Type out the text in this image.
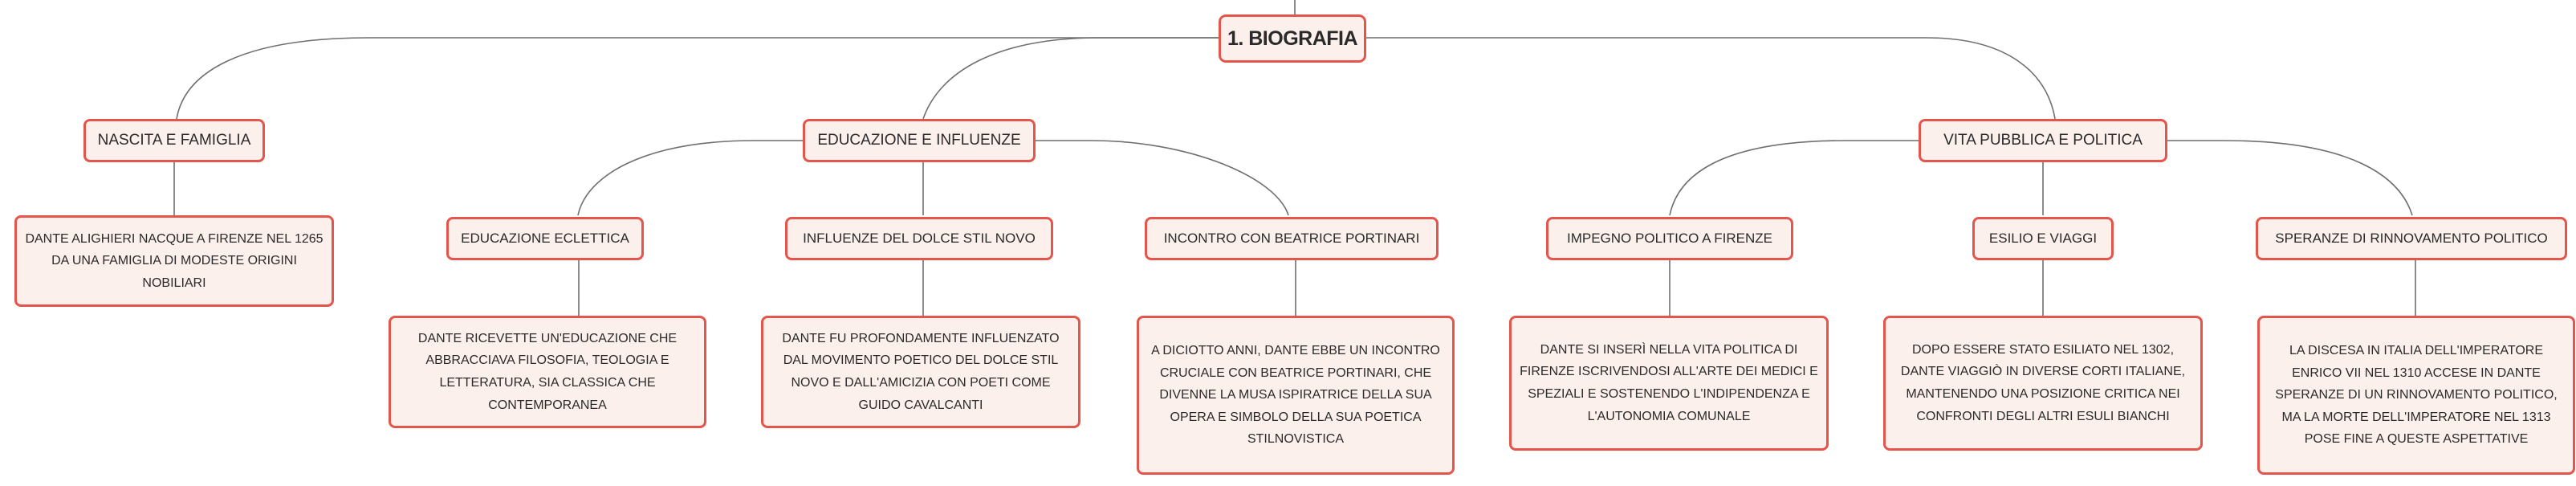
1. BIOGRAFIA
NASCITA E FAMIGLIA	EDUCAZIONE E INFLUENZE	VITA PUBBLICA E POLITICA
EDUCAZIONE ECLETTICA	INFLUENZE DEL DOLCE STIL NOVO	INCONTRO CON BEATRICE PORTINARI	IMPEGNO POLITICO A FIRENZE	ESILIO E VIAGGI	SPERANZE DI RINNOVAMENTO POLITICO
DANTE ALIGHIERI NACQUE A FIRENZE NEL 1265 DA UNA FAMIGLIA DI MODESTE ORIGINI NOBILIARI
DANTE RICEVETTE UN'EDUCAZIONE CHE ABBRACCIAVA FILOSOFIA, TEOLOGIA E LETTERATURA, SIA CLASSICA CHE CONTEMPORANEA
DANTE FU PROFONDAMENTE INFLUENZATO DAL MOVIMENTO POETICO DEL DOLCE STIL NOVO E DALL'AMICIZIA CON POETI COME GUIDO CAVALCANTI
A DICIOTTO ANNI, DANTE EBBE UN INCONTRO CRUCIALE CON BEATRICE PORTINARI, CHE DIVENNE LA MUSA ISPIRATRICE DELLA SUA OPERA E SIMBOLO DELLA SUA POETICA STILNOVISTICA
DANTE SI INSERÌ NELLA VITA POLITICA DI FIRENZE ISCRIVENDOSI ALL'ARTE DEI MEDICI E SPEZIALI E SOSTENENDO L'INDIPENDENZA E L'AUTONOMIA COMUNALE
DOPO ESSERE STATO ESILIATO NEL 1302, DANTE VIAGGIÒ IN DIVERSE CORTI ITALIANE, MANTENENDO UNA POSIZIONE CRITICA NEI CONFRONTI DEGLI ALTRI ESULI BIANCHI
LA DISCESA IN ITALIA DELL'IMPERATORE ENRICO VII NEL 1310 ACCESE IN DANTE SPERANZE DI UN RINNOVAMENTO POLITICO, MA LA MORTE DELL'IMPERATORE NEL 1313 POSE FINE A QUESTE ASPETTATIVE
